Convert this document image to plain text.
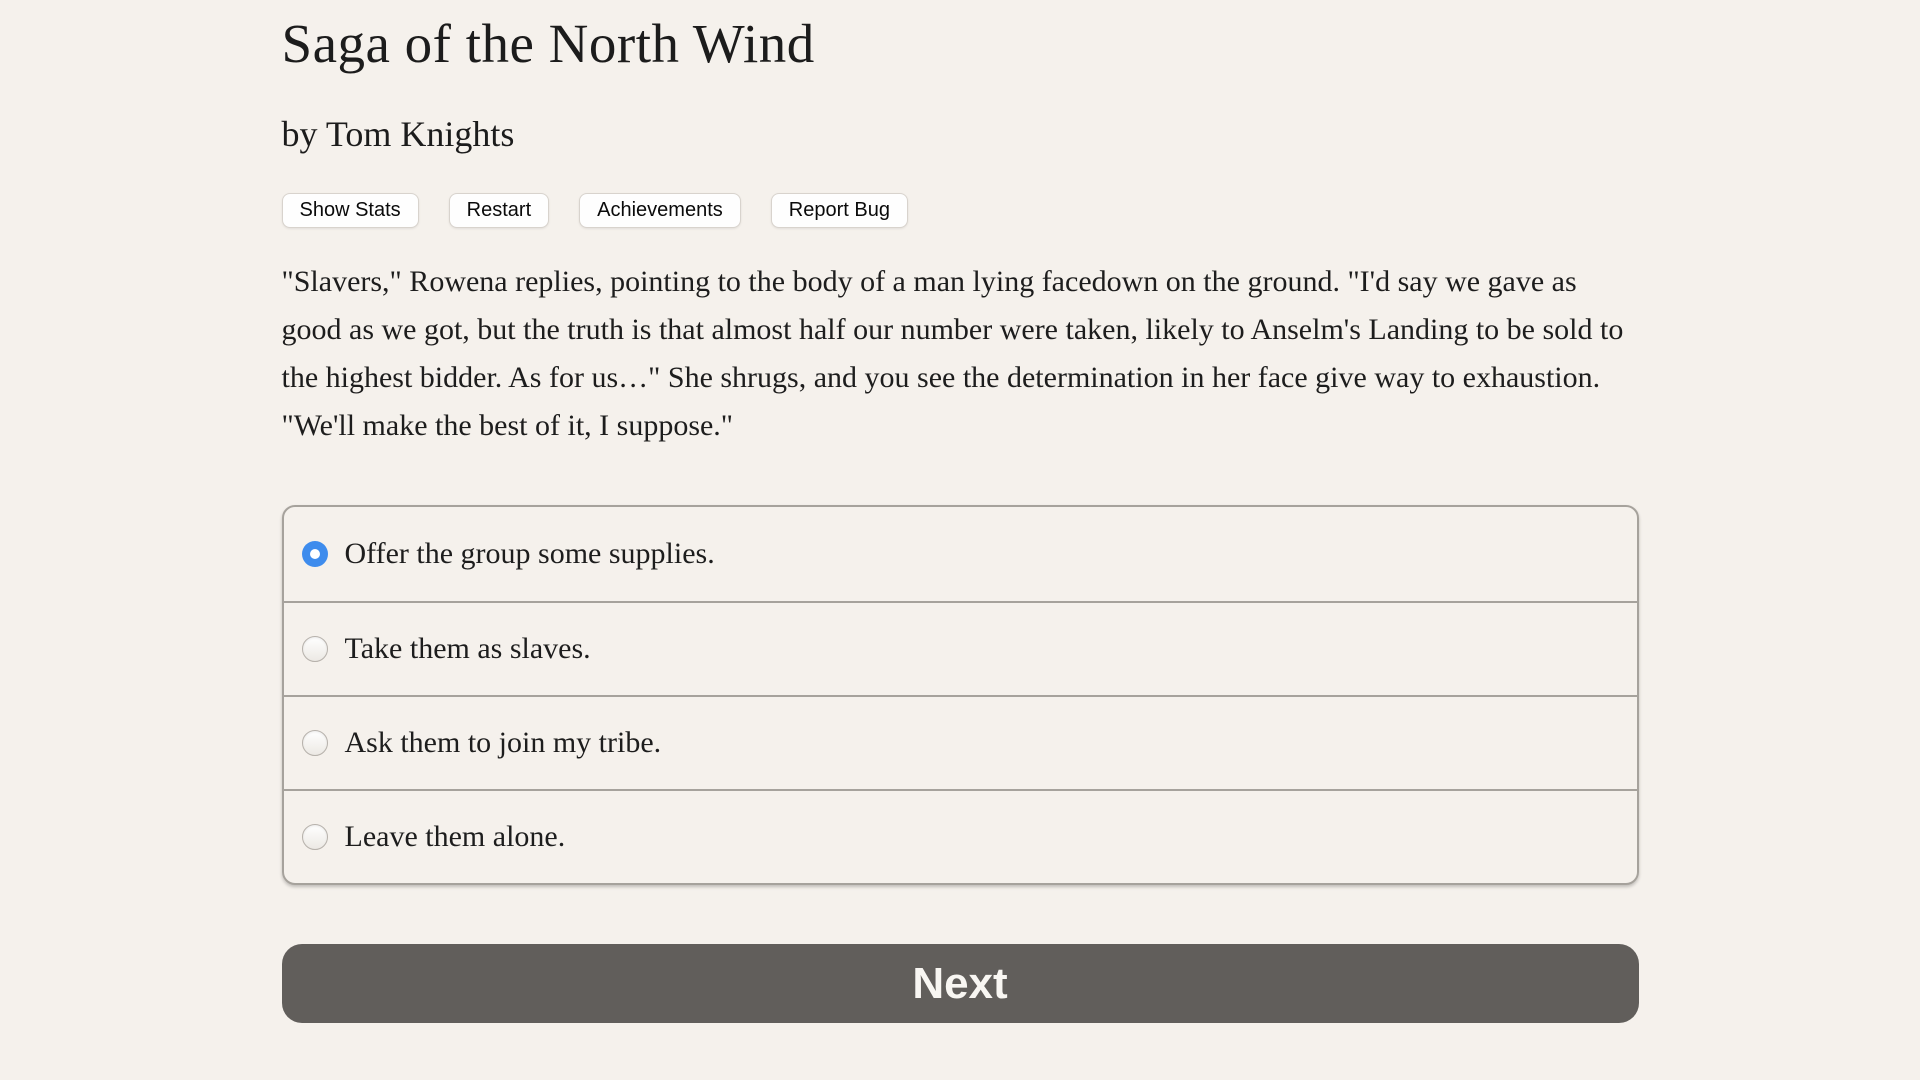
Saga of the North Wind
by Tom Knights
Show Stats	Restart	Achievements	Report Bug

"Slavers," Rowena replies, pointing to the body of a man lying facedown on the ground. "I'd say we gave as good as we got, but the truth is that almost half our number were taken, likely to Anselm's Landing to be sold to the highest bidder. As for us…" She shrugs, and you see the determination in her face give way to exhaustion. "We'll make the best of it, I suppose."

Offer the group some supplies.
Take them as slaves.
Ask them to join my tribe.
Leave them alone.
Next
